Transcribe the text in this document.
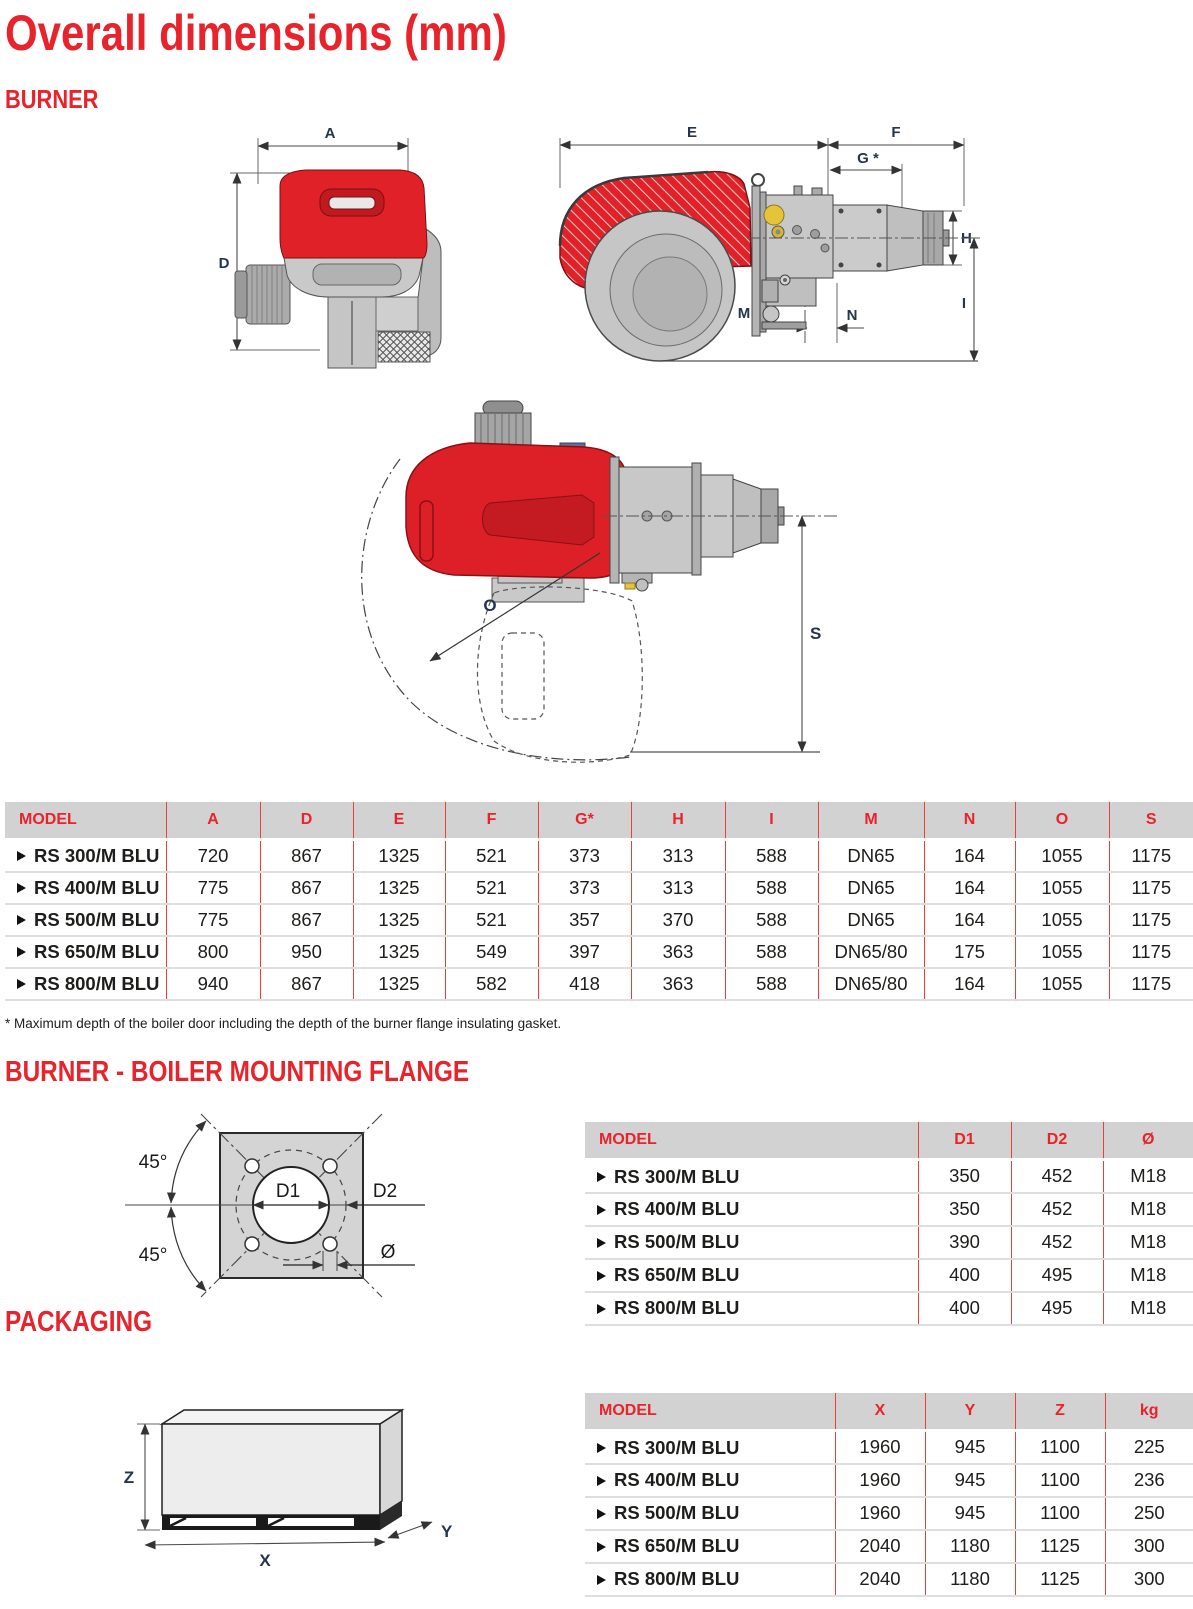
Overall dimensions (mm)
BURNER
A
D
E	F
G *
H
I
M	N
O
S
MODEL	A	D	E	F	G*	H	I	M	N	O	S
RS 300/M BLU	720	867	1325	521	373	313	588	DN65	164	1055	1175
RS 400/M BLU	775	867	1325	521	373	313	588	DN65	164	1055	1175
RS 500/M BLU	775	867	1325	521	357	370	588	DN65	164	1055	1175
RS 650/M BLU	800	950	1325	549	397	363	588	DN65/80	175	1055	1175
RS 800/M BLU	940	867	1325	582	418	363	588	DN65/80	164	1055	1175

* Maximum depth of the boiler door including the depth of the burner flange insulating gasket.

BURNER - BOILER MOUNTING FLANGE
45°
45°
D1	D2
Ø
MODEL	D1	D2	Ø
RS 300/M BLU	350	452	M18
RS 400/M BLU	350	452	M18
RS 500/M BLU	390	452	M18
RS 650/M BLU	400	495	M18
RS 800/M BLU	400	495	M18
PACKAGING
Z
X
Y
MODEL	X	Y	Z	kg
RS 300/M BLU	1960	945	1100	225
RS 400/M BLU	1960	945	1100	236
RS 500/M BLU	1960	945	1100	250
RS 650/M BLU	2040	1180	1125	300
RS 800/M BLU	2040	1180	1125	300
